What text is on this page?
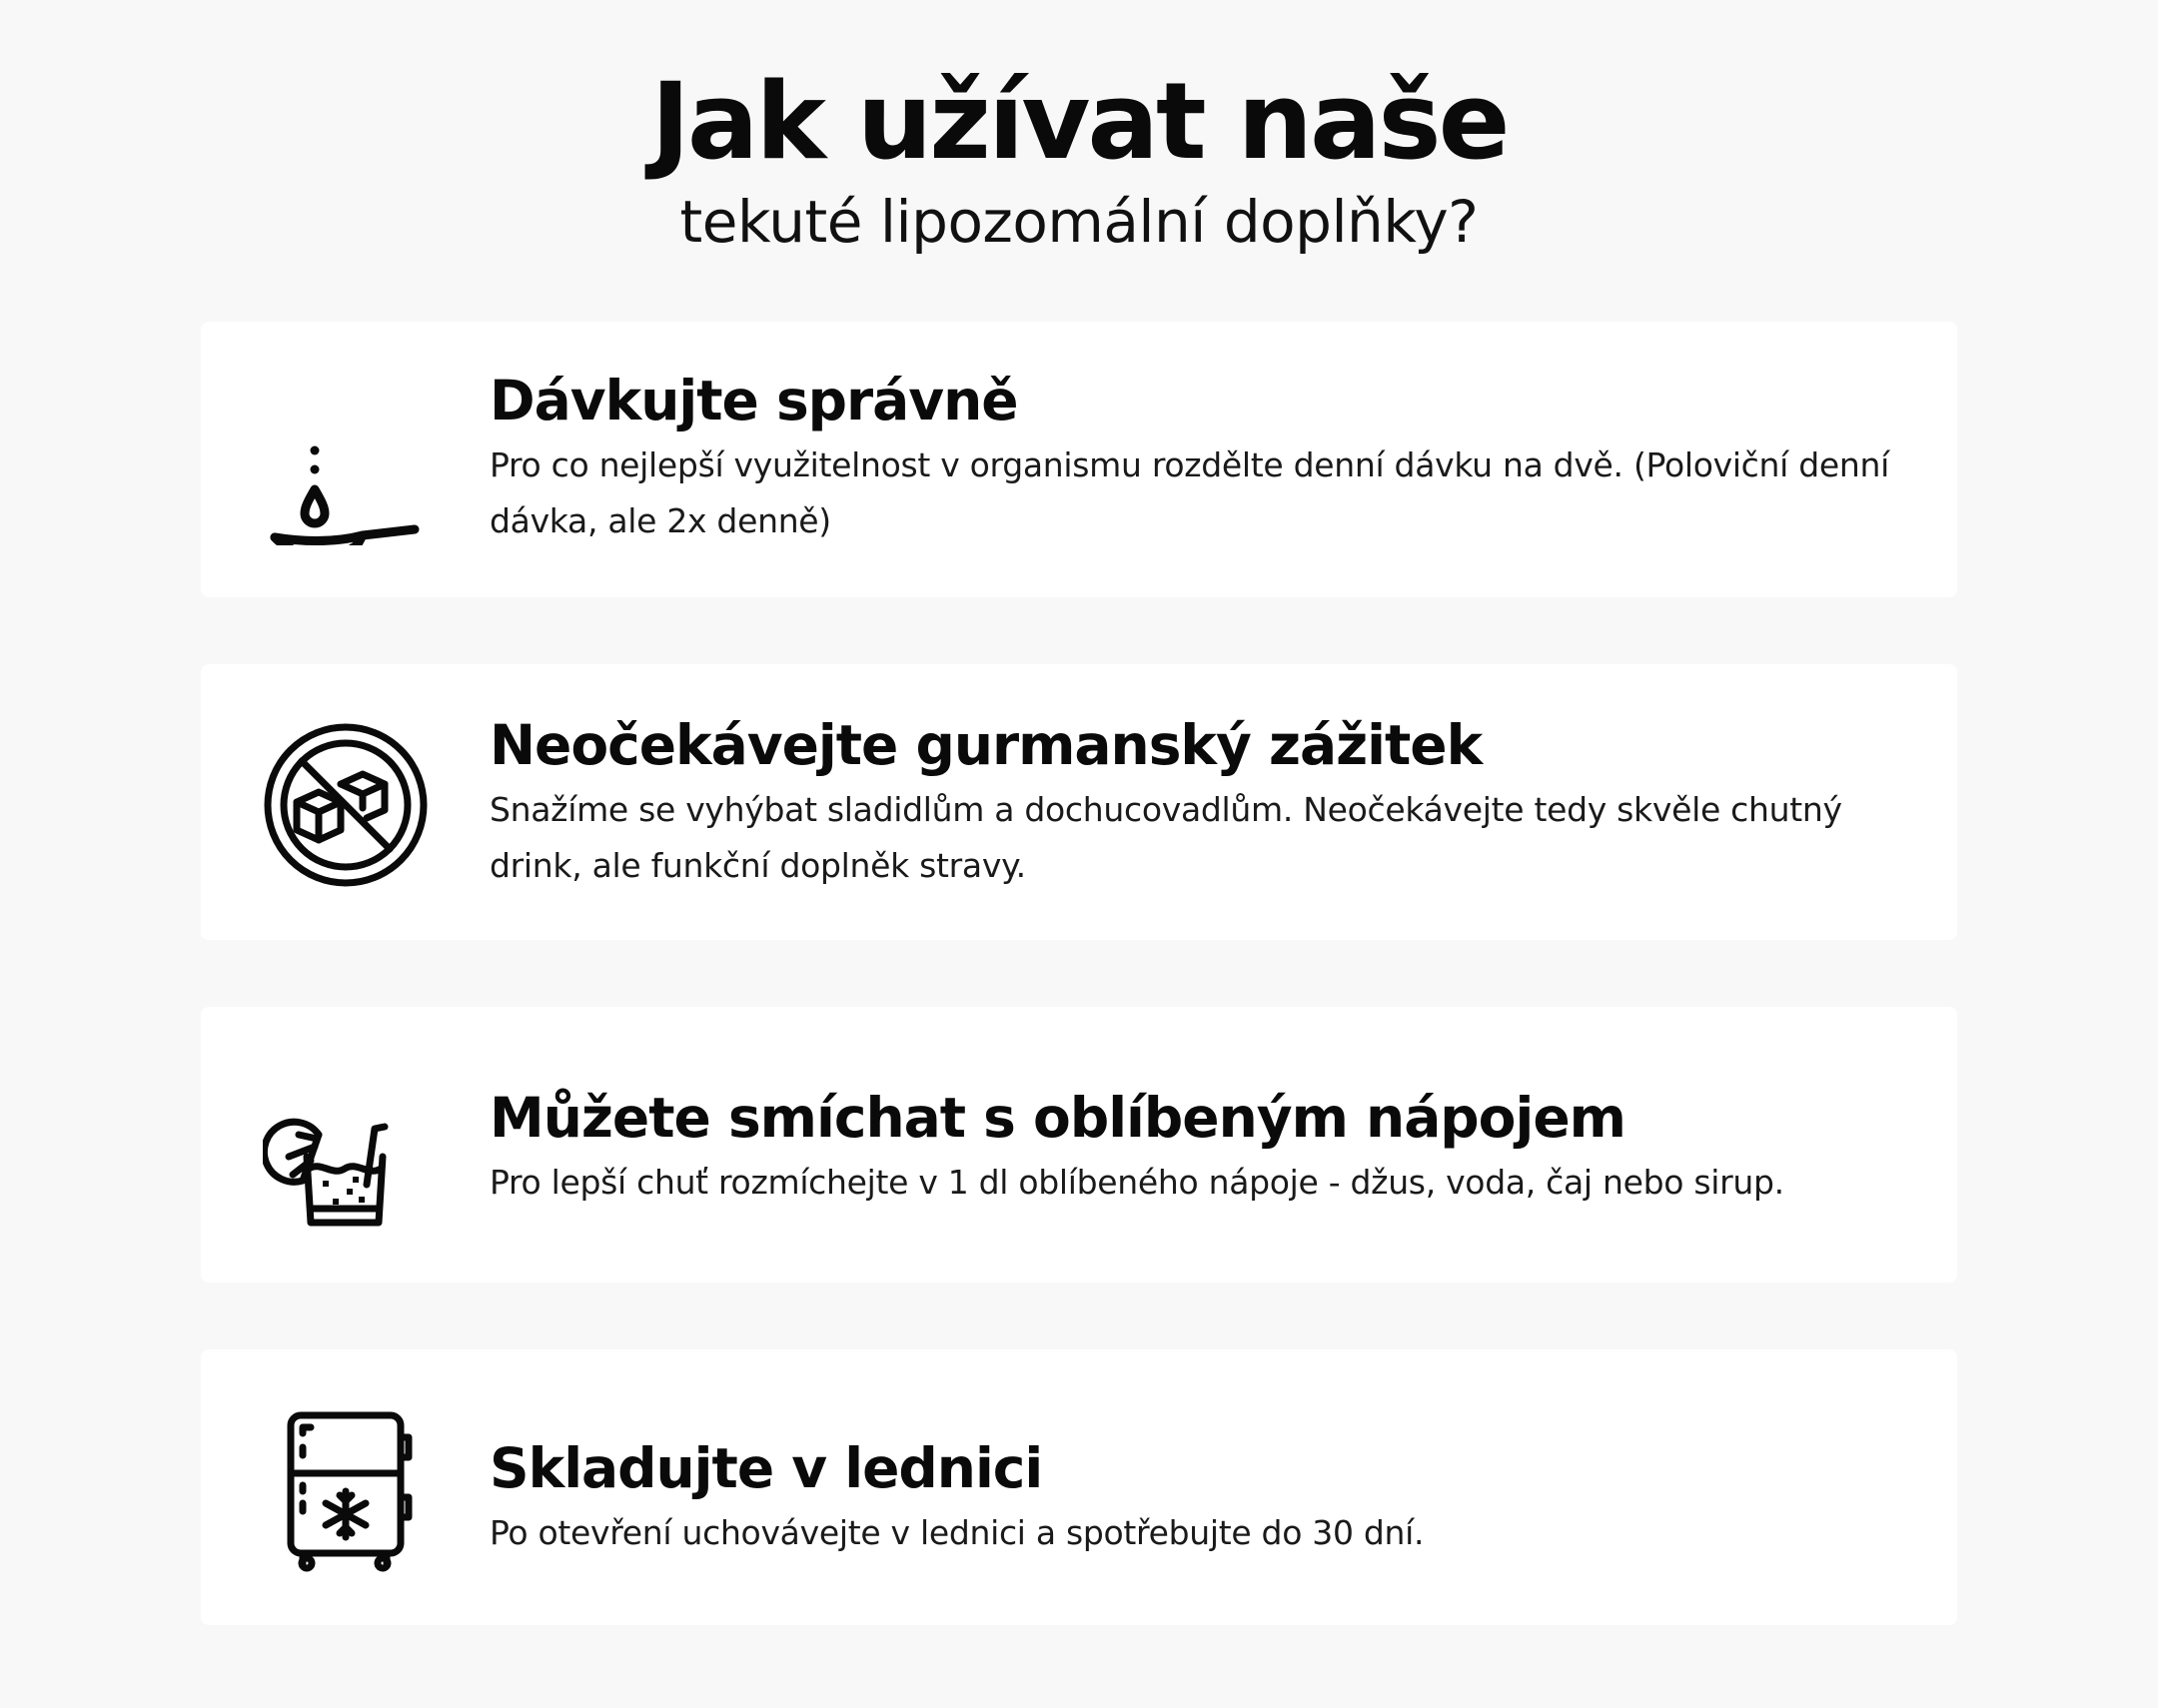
Jak užívat naše

tekuté lipozomální doplňky?

Dávkujte správně

Pro co nejlepší využitelnost v organismu rozdělte denní dávku na dvě. (Poloviční denní dávka, ale 2x denně)

Neočekávejte gurmanský zážitek

Snažíme se vyhýbat sladidlům a dochucovadlům. Neočekávejte tedy skvěle chutný drink, ale funkční doplněk stravy.

Můžete smíchat s oblíbeným nápojem

Pro lepší chuť rozmíchejte v 1 dl oblíbeného nápoje - džus, voda, čaj nebo sirup.

Skladujte v lednici

Po otevření uchovávejte v lednici a spotřebujte do 30 dní.
